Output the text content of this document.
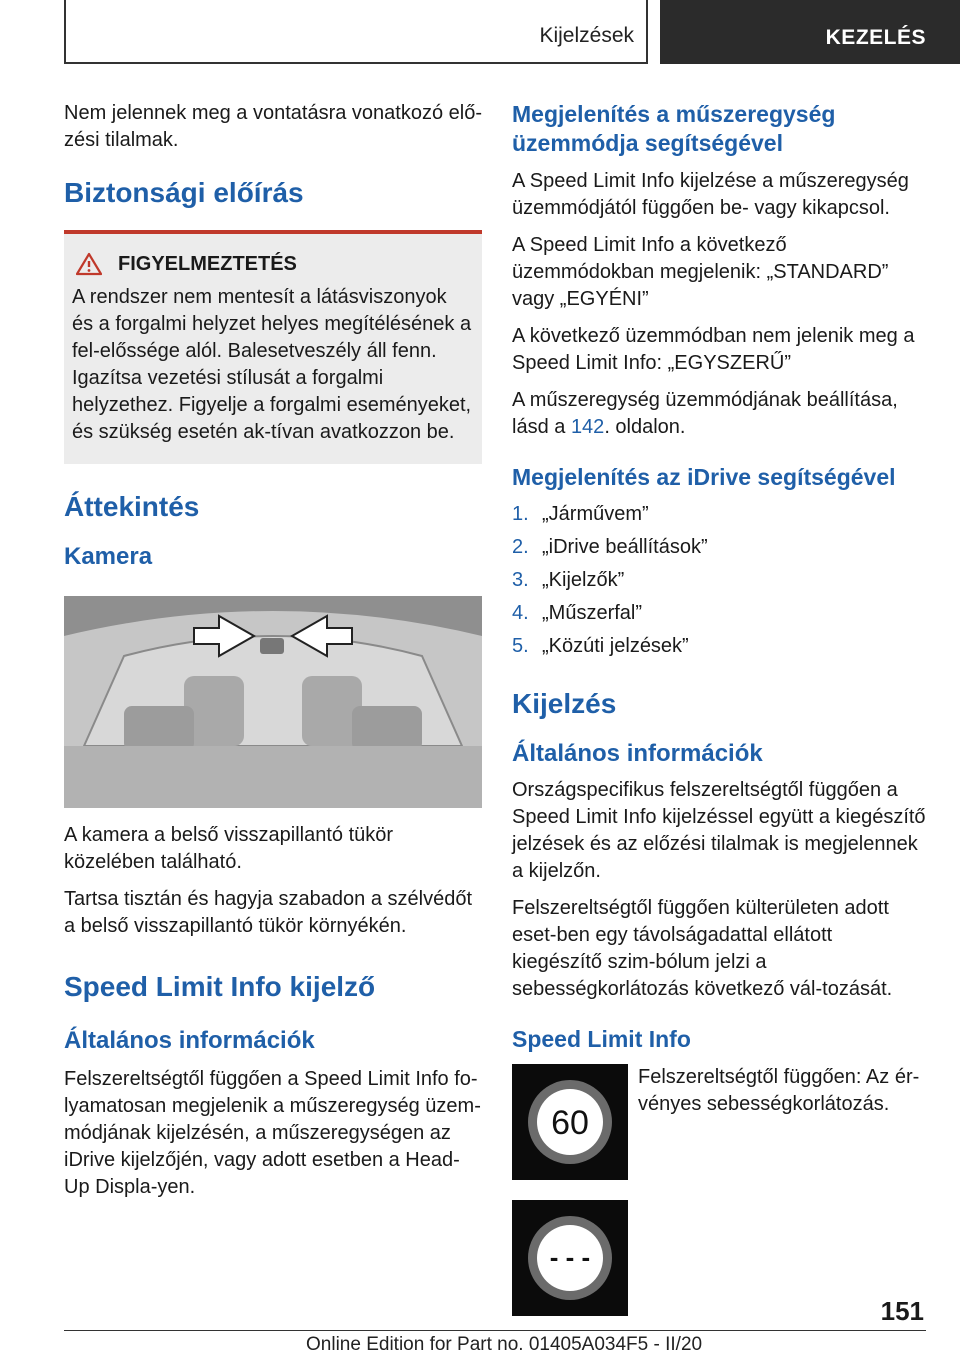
Kijelzések	KEZELÉS

Nem jelennek meg a vontatásra vonatkozó elő-zési tilalmak.

Biztonsági előírás
FIGYELMEZTETÉS

A rendszer nem mentesít a látásviszonyok és a forgalmi helyzet helyes megítélésének a fel-előssége alól. Balesetveszély áll fenn. Igazítsa vezetési stílusát a forgalmi helyzethez. Figyelje a forgalmi eseményeket, és szükség esetén ak-tívan avatkozzon be.

Áttekintés
Kamera

A kamera a belső visszapillantó tükör közelében található.

Tartsa tisztán és hagyja szabadon a szélvédőt a belső visszapillantó tükör környékén.

Speed Limit Info kijelző
Általános információk

Felszereltségtől függően a Speed Limit Info fo-lyamatosan megjelenik a műszeregység üzem-módjának kijelzésén, a műszeregységen az iDrive kijelzőjén, vagy adott esetben a Head-Up Displa-yen.

Megjelenítés a műszeregység üzemmódja segítségével

A Speed Limit Info kijelzése a műszeregység üzemmódjától függően be- vagy kikapcsol.

A Speed Limit Info a következő üzemmódokban megjelenik: „STANDARD” vagy „EGYÉNI”

A következő üzemmódban nem jelenik meg a Speed Limit Info: „EGYSZERŰ”

A műszeregység üzemmódjának beállítása, lásd a 142. oldalon.

Megjelenítés az iDrive segítségével
1. „Járművem”
2. „iDrive beállítások”
3. „Kijelzők”
4. „Műszerfal”
5. „Közúti jelzések”
Kijelzés
Általános információk

Országspecifikus felszereltségtől függően a Speed Limit Info kijelzéssel együtt a kiegészítő jelzések és az előzési tilalmak is megjelennek a kijelzőn.

Felszereltségtől függően külterületen adott eset-ben egy távolságadattal ellátott kiegészítő szim-bólum jelzi a sebességkorlátozás következő vál-tozását.

Speed Limit Info
60

Felszereltségtől függően: Az ér-vényes sebességkorlátozás.

- - -
151
Online Edition for Part no. 01405A034F5 - II/20
